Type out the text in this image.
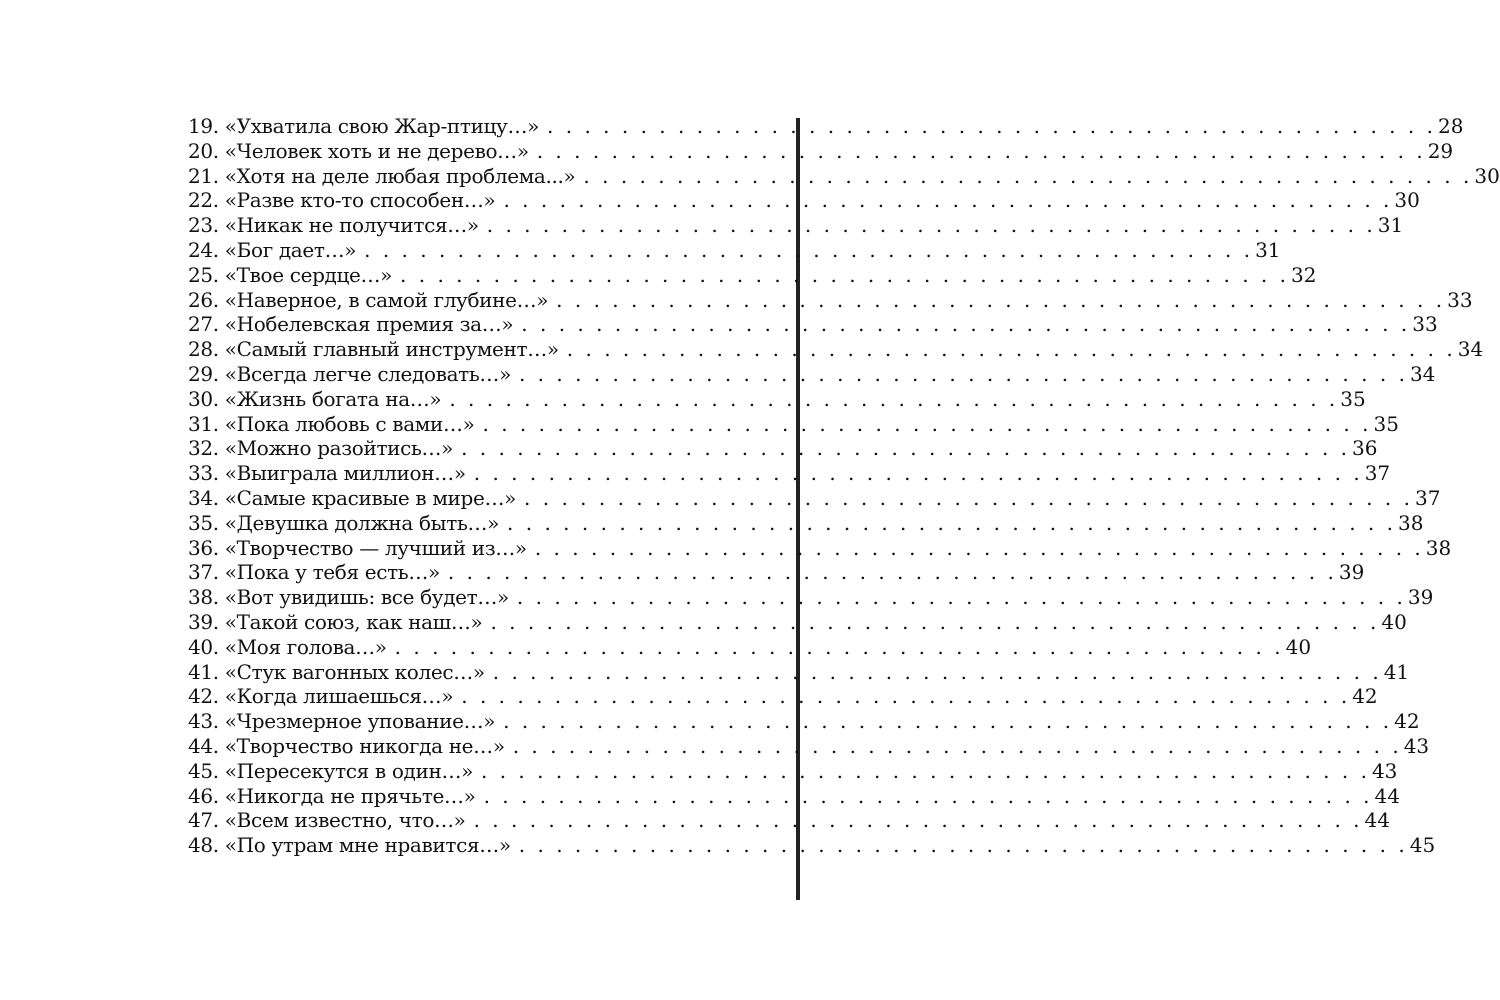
19. «Ухватила свою Жар-птицу…» . . . . . . . . . . . . . . . . . . . . . . . . . . . . . . . . . . . . . . . . . . . . . . . . 28
20. «Человек хоть и не дерево…» . . . . . . . . . . . . . . . . . . . . . . . . . . . . . . . . . . . . . . . . . . . . . . . . 29
21. «Хотя на деле любая проблема...» . . . . . . . . . . . . . . . . . . . . . . . . . . . . . . . . . . . . . . . . . . . . . . . . 30
22. «Разве кто-то способен…» . . . . . . . . . . . . . . . . . . . . . . . . . . . . . . . . . . . . . . . . . . . . . . . . 30
23. «Никак не получится…» . . . . . . . . . . . . . . . . . . . . . . . . . . . . . . . . . . . . . . . . . . . . . . . . 31
24. «Бог дает…» . . . . . . . . . . . . . . . . . . . . . . . . . . . . . . . . . . . . . . . . . . . . . . . . 31
25. «Твое сердце…» . . . . . . . . . . . . . . . . . . . . . . . . . . . . . . . . . . . . . . . . . . . . . . . . 32
26. «Наверное, в самой глубине…» . . . . . . . . . . . . . . . . . . . . . . . . . . . . . . . . . . . . . . . . . . . . . . . . 33
27. «Нобелевская премия за…» . . . . . . . . . . . . . . . . . . . . . . . . . . . . . . . . . . . . . . . . . . . . . . . . 33
28. «Самый главный инструмент…» . . . . . . . . . . . . . . . . . . . . . . . . . . . . . . . . . . . . . . . . . . . . . . . . 34
29. «Всегда легче следовать…» . . . . . . . . . . . . . . . . . . . . . . . . . . . . . . . . . . . . . . . . . . . . . . . . 34
30. «Жизнь богата на…» . . . . . . . . . . . . . . . . . . . . . . . . . . . . . . . . . . . . . . . . . . . . . . . . 35
31. «Пока любовь с вами…» . . . . . . . . . . . . . . . . . . . . . . . . . . . . . . . . . . . . . . . . . . . . . . . . 35
32. «Можно разойтись…» . . . . . . . . . . . . . . . . . . . . . . . . . . . . . . . . . . . . . . . . . . . . . . . . 36
33. «Выиграла миллион…» . . . . . . . . . . . . . . . . . . . . . . . . . . . . . . . . . . . . . . . . . . . . . . . . 37
34. «Самые красивые в мире…» . . . . . . . . . . . . . . . . . . . . . . . . . . . . . . . . . . . . . . . . . . . . . . . . 37
35. «Девушка должна быть…» . . . . . . . . . . . . . . . . . . . . . . . . . . . . . . . . . . . . . . . . . . . . . . . . 38
36. «Творчество — лучший из…» . . . . . . . . . . . . . . . . . . . . . . . . . . . . . . . . . . . . . . . . . . . . . . . . 38
37. «Пока у тебя есть…» . . . . . . . . . . . . . . . . . . . . . . . . . . . . . . . . . . . . . . . . . . . . . . . . 39
38. «Вот увидишь: все будет…» . . . . . . . . . . . . . . . . . . . . . . . . . . . . . . . . . . . . . . . . . . . . . . . . 39
39. «Такой союз, как наш…» . . . . . . . . . . . . . . . . . . . . . . . . . . . . . . . . . . . . . . . . . . . . . . . . 40
40. «Моя голова…» . . . . . . . . . . . . . . . . . . . . . . . . . . . . . . . . . . . . . . . . . . . . . . . . 40
41. «Стук вагонных колес…» . . . . . . . . . . . . . . . . . . . . . . . . . . . . . . . . . . . . . . . . . . . . . . . . 41
42. «Когда лишаешься…» . . . . . . . . . . . . . . . . . . . . . . . . . . . . . . . . . . . . . . . . . . . . . . . . 42
43. «Чрезмерное упование…» . . . . . . . . . . . . . . . . . . . . . . . . . . . . . . . . . . . . . . . . . . . . . . . . 42
44. «Творчество никогда не…» . . . . . . . . . . . . . . . . . . . . . . . . . . . . . . . . . . . . . . . . . . . . . . . . 43
45. «Пересекутся в один…» . . . . . . . . . . . . . . . . . . . . . . . . . . . . . . . . . . . . . . . . . . . . . . . . 43
46. «Никогда не прячьте…» . . . . . . . . . . . . . . . . . . . . . . . . . . . . . . . . . . . . . . . . . . . . . . . . 44
47. «Всем известно, что…» . . . . . . . . . . . . . . . . . . . . . . . . . . . . . . . . . . . . . . . . . . . . . . . . 44
48. «По утрам мне нравится…» . . . . . . . . . . . . . . . . . . . . . . . . . . . . . . . . . . . . . . . . . . . . . . . . 45
